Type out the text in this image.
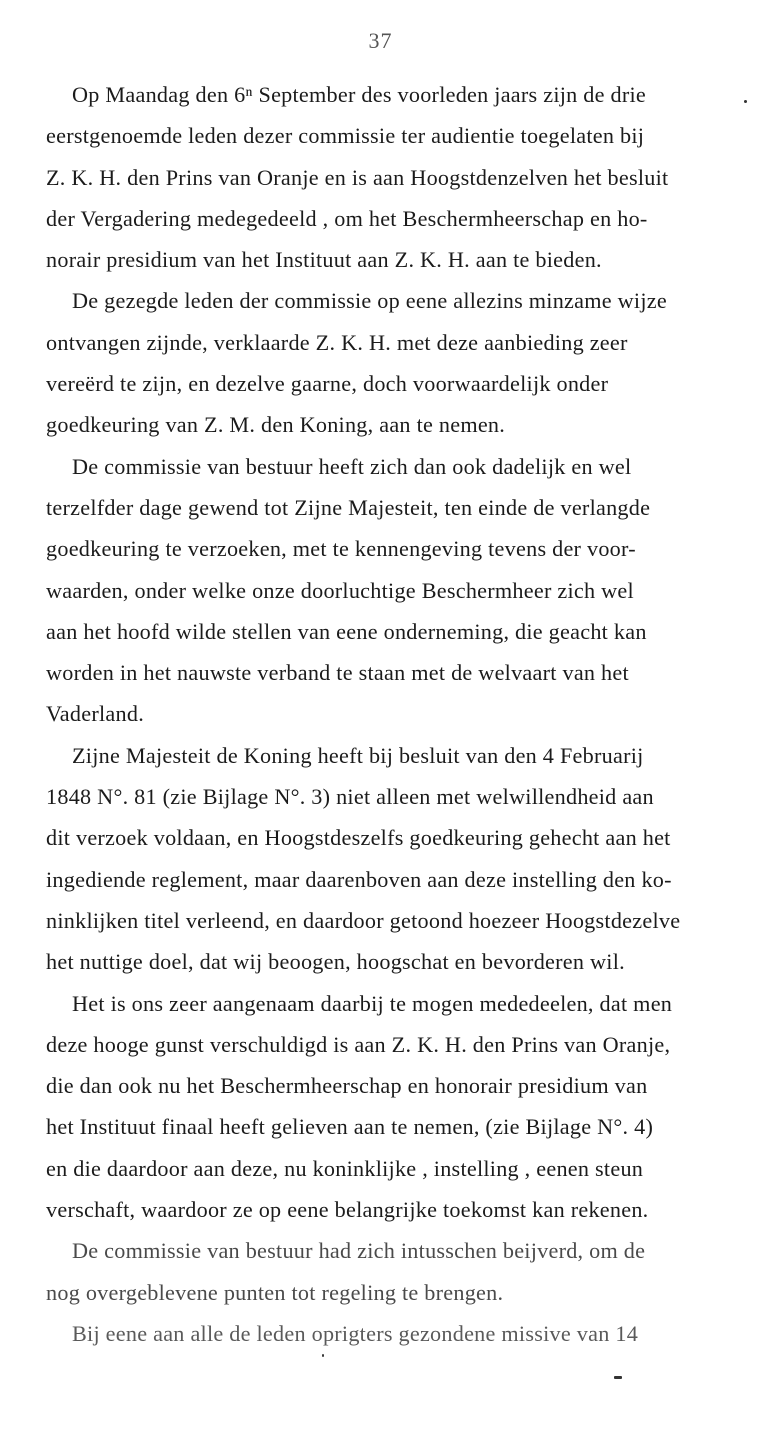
37

Op Maandag den 6ⁿ September des voorleden jaars zijn de drie
eerstgenoemde leden dezer commissie ter audientie toegelaten bij
Z. K. H. den Prins van Oranje en is aan Hoogstdenzelven het besluit
der Vergadering medegedeeld , om het Beschermheerschap en ho-
norair presidium van het Instituut aan Z. K. H. aan te bieden.

De gezegde leden der commissie op eene allezins minzame wijze
ontvangen zijnde, verklaarde Z. K. H. met deze aanbieding zeer
vereërd te zijn, en dezelve gaarne, doch voorwaardelijk onder
goedkeuring van Z. M. den Koning, aan te nemen.

De commissie van bestuur heeft zich dan ook dadelijk en wel
terzelfder dage gewend tot Zijne Majesteit, ten einde de verlangde
goedkeuring te verzoeken, met te kennengeving tevens der voor-
waarden, onder welke onze doorluchtige Beschermheer zich wel
aan het hoofd wilde stellen van eene onderneming, die geacht kan
worden in het nauwste verband te staan met de welvaart van het
Vaderland.

Zijne Majesteit de Koning heeft bij besluit van den 4 Februarij
1848 N°. 81 (zie Bijlage N°. 3) niet alleen met welwillendheid aan
dit verzoek voldaan, en Hoogstdeszelfs goedkeuring gehecht aan het
ingediende reglement, maar daarenboven aan deze instelling den ko-
ninklijken titel verleend, en daardoor getoond hoezeer Hoogstdezelve
het nuttige doel, dat wij beoogen, hoogschat en bevorderen wil.

Het is ons zeer aangenaam daarbij te mogen mededeelen, dat men
deze hooge gunst verschuldigd is aan Z. K. H. den Prins van Oranje,
die dan ook nu het Beschermheerschap en honorair presidium van
het Instituut finaal heeft gelieven aan te nemen, (zie Bijlage N°. 4)
en die daardoor aan deze, nu koninklijke , instelling , eenen steun
verschaft, waardoor ze op eene belangrijke toekomst kan rekenen.

De commissie van bestuur had zich intusschen beijverd, om de
nog overgeblevene punten tot regeling te brengen.

Bij eene aan alle de leden oprigters gezondene missive van 14
